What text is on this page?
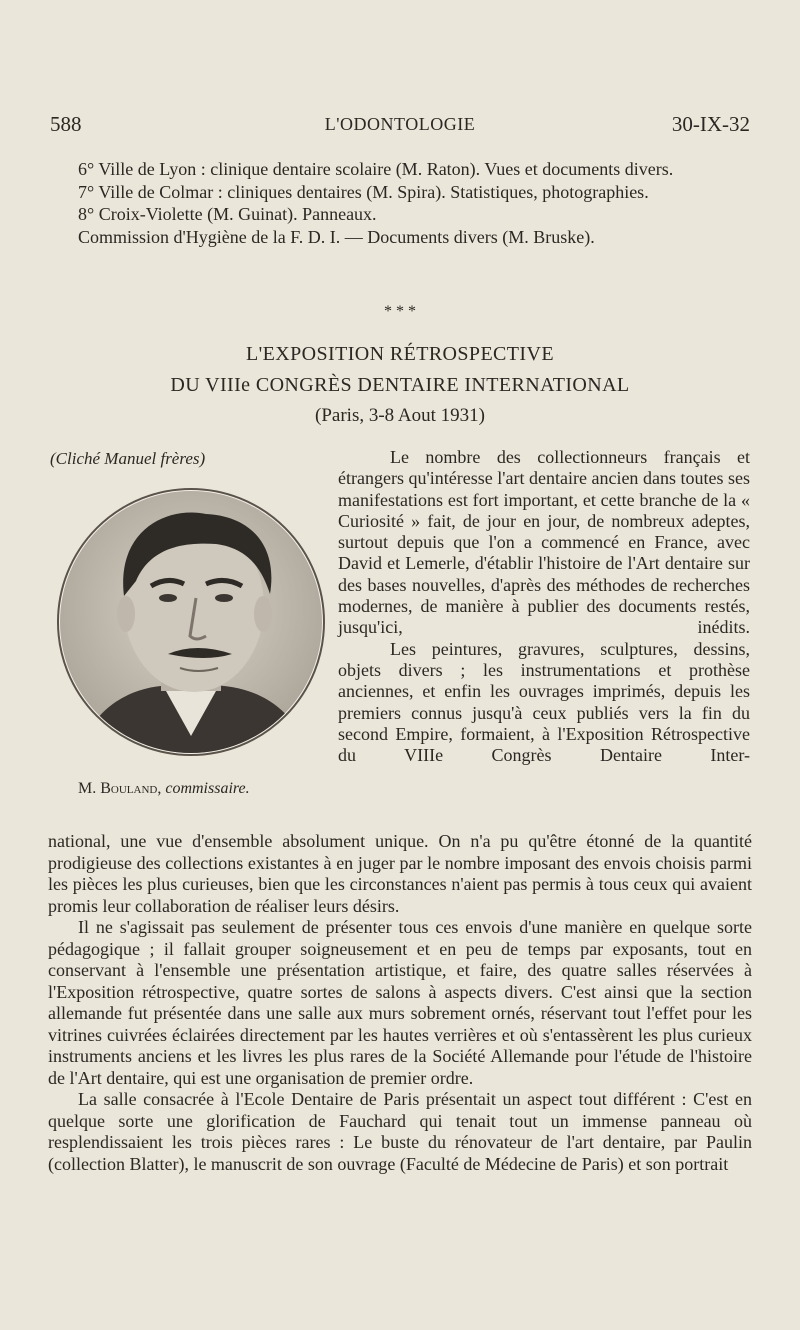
588	L'ODONTOLOGIE	30-IX-32

6° Ville de Lyon : clinique dentaire scolaire (M. Raton). Vues et documents divers.

7° Ville de Colmar : cliniques dentaires (M. Spira). Statistiques, photographies.

8° Croix-Violette (M. Guinat). Panneaux.

Commission d'Hygiène de la F. D. I. — Documents divers (M. Bruske).

* * *
L'EXPOSITION RÉTROSPECTIVE
DU VIIIe CONGRÈS DENTAIRE INTERNATIONAL
(Paris, 3-8 Aout 1931)
(Cliché Manuel frères)
M. Bouland, commissaire.

Le nombre des collectionneurs français et étrangers qu'intéresse l'art dentaire ancien dans toutes ses manifestations est fort important, et cette branche de la « Curiosité » fait, de jour en jour, de nombreux adeptes, surtout depuis que l'on a commencé en France, avec David et Lemerle, d'établir l'histoire de l'Art dentaire sur des bases nouvelles, d'après des méthodes de recherches modernes, de manière à publier des documents restés, jusqu'ici, inédits.

Les peintures, gravures, sculptures, dessins, objets divers ; les instrumentations et prothèse anciennes, et enfin les ouvrages imprimés, depuis les premiers connus jusqu'à ceux publiés vers la fin du second Empire, formaient, à l'Exposition Rétrospective du VIIIe Congrès Dentaire Inter-

national, une vue d'ensemble absolument unique. On n'a pu qu'être étonné de la quantité prodigieuse des collections existantes à en juger par le nombre imposant des envois choisis parmi les pièces les plus curieuses, bien que les circonstances n'aient pas permis à tous ceux qui avaient promis leur collaboration de réaliser leurs désirs.

Il ne s'agissait pas seulement de présenter tous ces envois d'une manière en quelque sorte pédagogique ; il fallait grouper soigneusement et en peu de temps par exposants, tout en conservant à l'ensemble une présentation artistique, et faire, des quatre salles réservées à l'Exposition rétrospective, quatre sortes de salons à aspects divers. C'est ainsi que la section allemande fut présentée dans une salle aux murs sobrement ornés, réservant tout l'effet pour les vitrines cuivrées éclairées directement par les hautes verrières et où s'entassèrent les plus curieux instruments anciens et les livres les plus rares de la Société Allemande pour l'étude de l'histoire de l'Art dentaire, qui est une organisation de premier ordre.

La salle consacrée à l'Ecole Dentaire de Paris présentait un aspect tout différent : C'est en quelque sorte une glorification de Fauchard qui tenait tout un immense panneau où resplendissaient les trois pièces rares : Le buste du rénovateur de l'art dentaire, par Paulin (collection Blatter), le manuscrit de son ouvrage (Faculté de Médecine de Paris) et son portrait
